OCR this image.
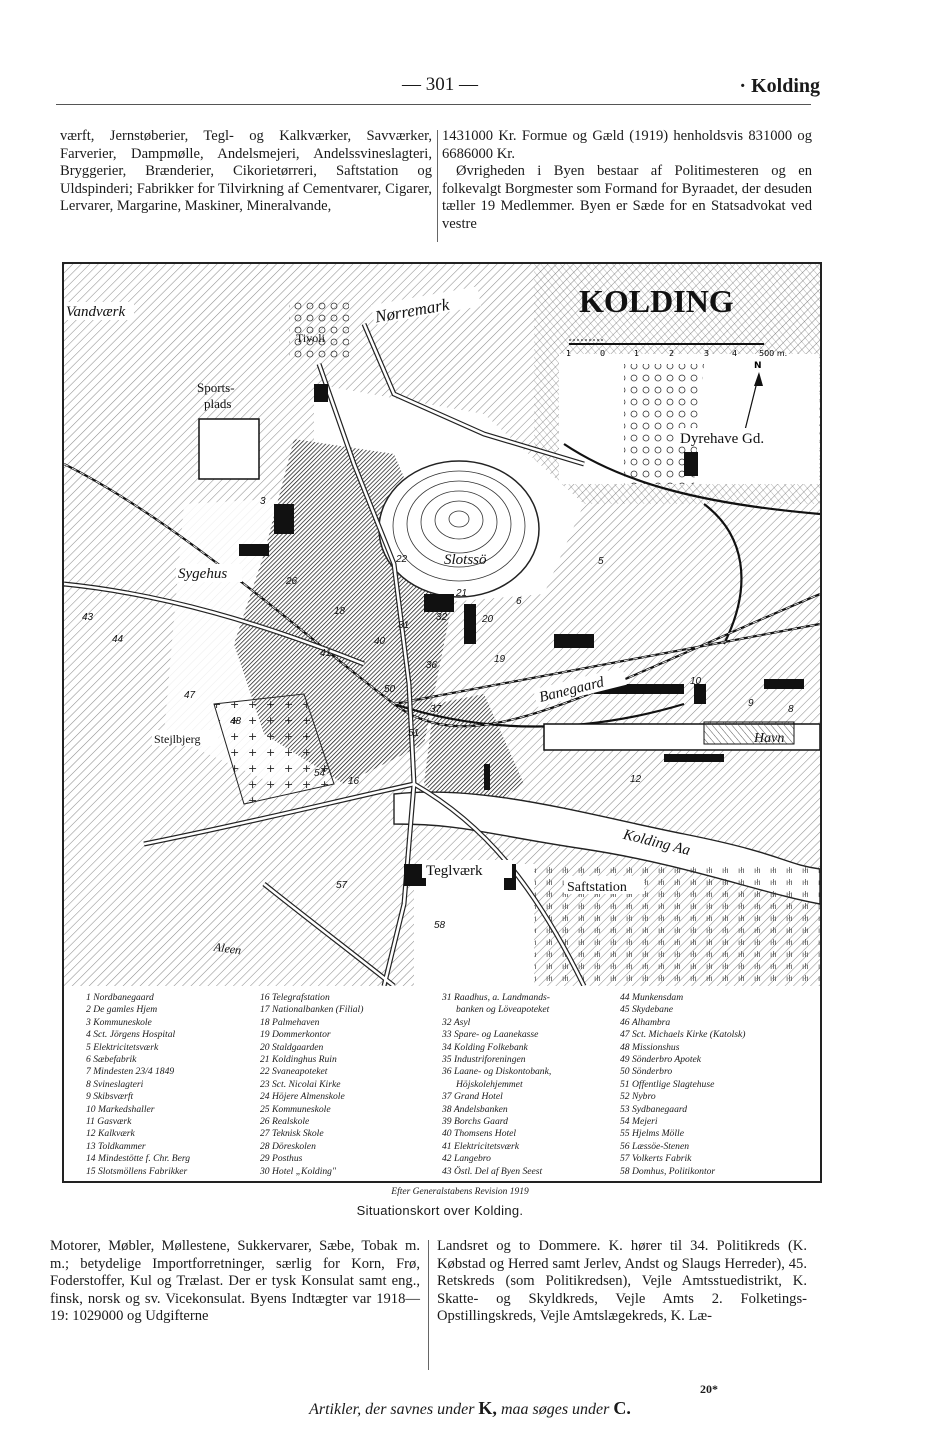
— 301 —	· Kolding

værft, Jernstøberier, Tegl- og Kalkværker, Savværker, Farverier, Dampmølle, Andelsmejeri, Andelssvineslagteri, Bryggerier, Brænderier, Cikorietørreri, Saftstation og Uldspinderi; Fabrikker for Tilvirkning af Cementvarer, Cigarer, Lervarer, Margarine, Maskiner, Mineralvande,

1431000 Kr. Formue og Gæld (1919) henholdsvis 831000 og 6686000 Kr.

Øvrigheden i Byen bestaar af Politimesteren og en folkevalgt Borgmester som Formand for Byraadet, der desuden tæller 19 Medlemmer. Byen er Sæde for en Statsadvokat ved vestre

KOLDING
1	0	1	2	3	4	500 m.
N
Vandværk	Nørremark
Tivoli
Sports-
plads
Dyrehave Gd.
Slotssö
Sygehus
Banegaard
Havn
Kolding Aa
Teglværk
Saftstation
Stejlbjerg
Aleen
3
5
6
8
9
10
12
16
18
19
20
21
22
26
31
32
36
37
40
41
43
44
47
48
50
51
54
57
58
1 Nordbanegaard
2 De gamles Hjem
3 Kommuneskole
4 Sct. Jörgens Hospital
5 Elektricitetsværk
6 Sæbefabrik
7 Mindesten 23/4 1849
8 Svineslagteri
9 Skibsværft
10 Markedshaller
11 Gasværk
12 Kalkværk
13 Toldkammer
14 Mindestötte f. Chr. Berg
15 Slotsmöllens Fabrikker
16 Telegrafstation
17 Nationalbanken (Filial)
18 Palmehaven
19 Dommerkontor
20 Staldgaarden
21 Koldinghus Ruin
22 Svaneapoteket
23 Sct. Nicolai Kirke
24 Höjere Almenskole
25 Kommuneskole
26 Realskole
27 Teknisk Skole
28 Döreskolen
29 Posthus
30 Hotel „Kolding"
31 Raadhus, a. Landmands-
banken og Löveapoteket
32 Asyl
33 Spare- og Laanekasse
34 Kolding Folkebank
35 Industriforeningen
36 Laane- og Diskontobank,
Höjskolehjemmet
37 Grand Hotel
38 Andelsbanken
39 Borchs Gaard
40 Thomsens Hotel
41 Elektricitetsværk
42 Langebro
43 Östl. Del af Byen Seest
44 Munkensdam
45 Skydebane
46 Alhambra
47 Sct. Michaels Kirke (Katolsk)
48 Missionshus
49 Sönderbro Apotek
50 Sönderbro
51 Offentlige Slagtehuse
52 Nybro
53 Sydbanegaard
54 Mejeri
55 Hjelms Mölle
56 Læssöe-Stenen
57 Volkerts Fabrik
58 Domhus, Politikontor
Efter Generalstabens Revision 1919
Situationskort over Kolding.

Motorer, Møbler, Møllestene, Sukkervarer, Sæbe, Tobak m. m.; betydelige Importforretninger, særlig for Korn, Frø, Foderstoffer, Kul og Trælast. Der er tysk Konsulat samt eng., finsk, norsk og sv. Vicekonsulat. Byens Indtægter var 1918—19: 1029000 og Udgifterne

Landsret og to Dommere. K. hører til 34. Politikreds (K. Købstad og Herred samt Jerlev, Andst og Slaugs Herreder), 45. Retskreds (som Politikredsen), Vejle Amtsstuedistrikt, K. Skatte- og Skyldkreds, Vejle Amts 2. Folketings-Opstillingskreds, Vejle Amtslægekreds, K. Læ-

20*
Artikler, der savnes under K, maa søges under C.
